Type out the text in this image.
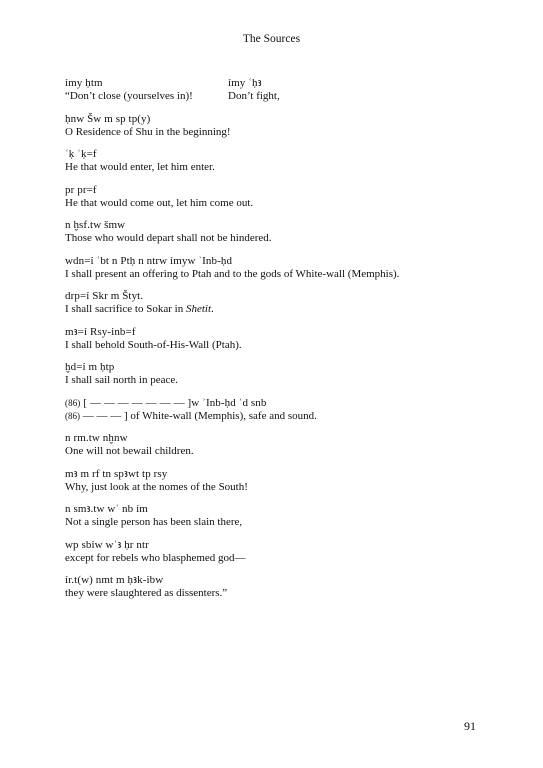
The Sources
ỉmy ḥtm	ỉmy ʿḥꜣ
“Don’t close (yourselves in)!	Don’t fight,
ḥnw Šw m sp tp(y)
O Residence of Shu in the beginning!
ʿḳ ʿḳ=f
He that would enter, let him enter.
pr pr=f
He that would come out, let him come out.
n ḫsf.tw šmw
Those who would depart shall not be hindered.
wdn=ỉ ʿbt n Ptḥ n ntrw ỉmyw ʾInb-ḥd
I shall present an offering to Ptah and to the gods of White-wall (Memphis).
drp=ỉ Skr m Štyt.
I shall sacrifice to Sokar in Shetit.
mꜣ=ỉ Rsy-inb=f
I shall behold South-of-His-Wall (Ptah).
ḫd=ỉ m ḥtp
I shall sail north in peace.
(86) [ — — — — — — — ]w ʾInb-ḥd ʿd snb
(86) — — — ] of White-wall (Memphis), safe and sound.
n rm.tw nḫnw
One will not bewail children.
mꜣ m rf tn spꜣwt tp rsy
Why, just look at the nomes of the South!
n smꜣ.tw wʿ nb ỉm
Not a single person has been slain there,
wp sbỉw wʿꜣ ḥr ntr
except for rebels who blasphemed god—
ỉr.t(w) nmt m ḥꜣk-ibw
they were slaughtered as dissenters.”
91
